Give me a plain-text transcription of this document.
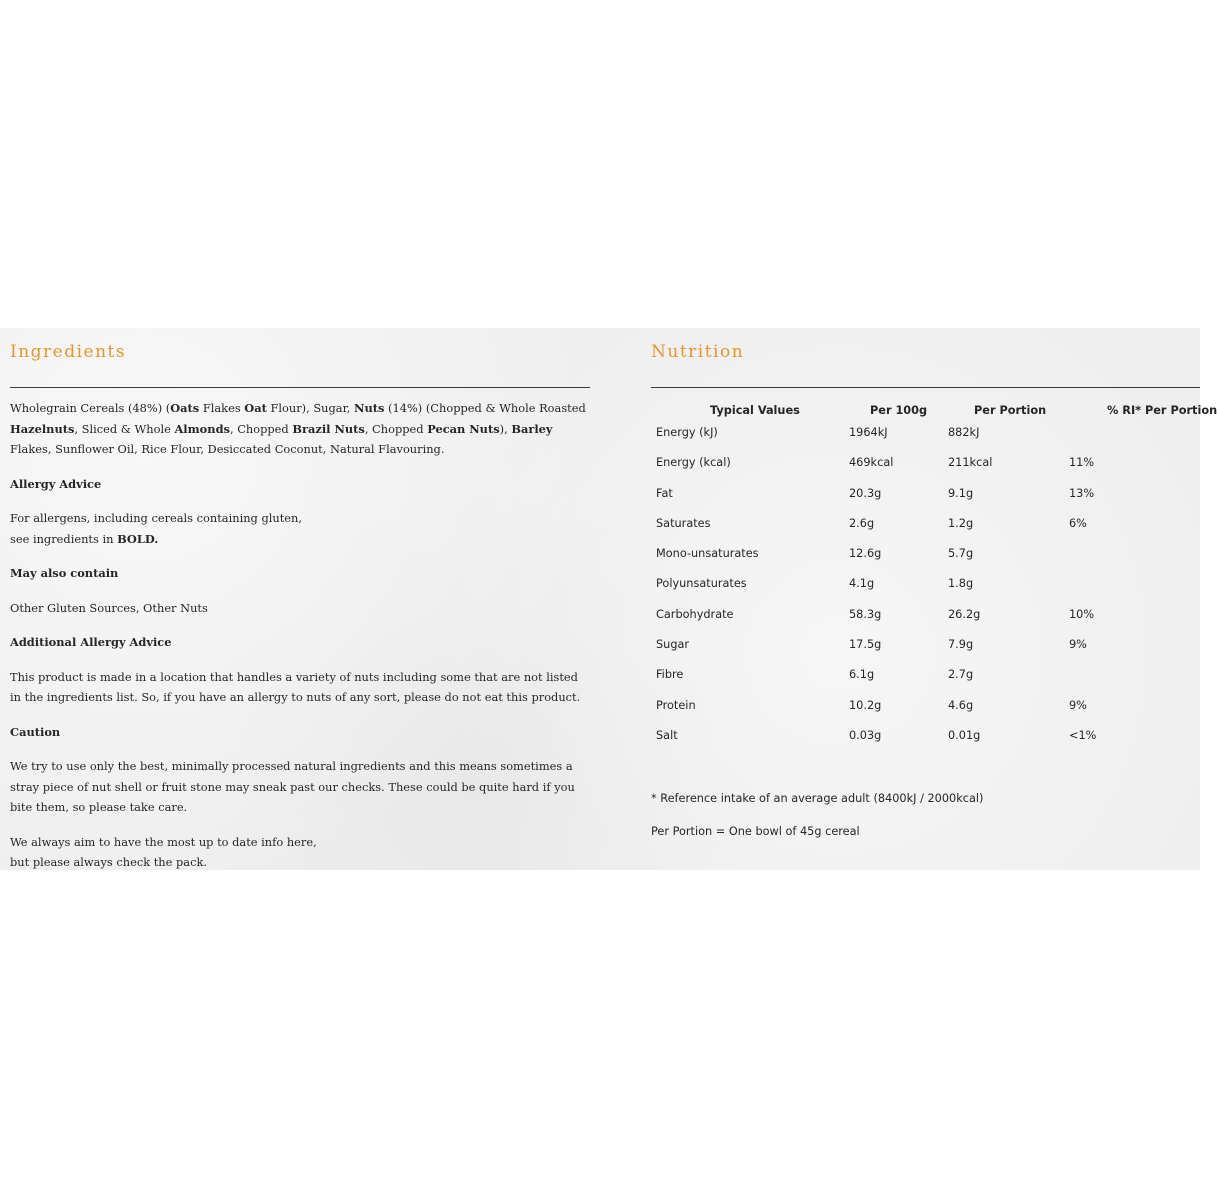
Ingredients

Wholegrain Cereals (48%) (Oats Flakes Oat Flour), Sugar, Nuts (14%) (Chopped & Whole Roasted Hazelnuts, Sliced & Whole Almonds, Chopped Brazil Nuts, Chopped Pecan Nuts), Barley Flakes, Sunflower Oil, Rice Flour, Desiccated Coconut, Natural Flavouring.

Allergy Advice

For allergens, including cereals containing gluten,
see ingredients in BOLD.

May also contain

Other Gluten Sources, Other Nuts

Additional Allergy Advice

This product is made in a location that handles a variety of nuts including some that are not listed in the ingredients list. So, if you have an allergy to nuts of any sort, please do not eat this product.

Caution

We try to use only the best, minimally processed natural ingredients and this means sometimes a stray piece of nut shell or fruit stone may sneak past our checks. These could be quite hard if you bite them, so please take care.

We always aim to have the most up to date info here,
but please always check the pack.

Nutrition
Typical Values	Per 100g	Per Portion	% RI* Per Portion
Energy (kJ)	1964kJ	882kJ
Energy (kcal)	469kcal	211kcal	11%
Fat	20.3g	9.1g	13%
Saturates	2.6g	1.2g	6%
Mono-unsaturates	12.6g	5.7g
Polyunsaturates	4.1g	1.8g
Carbohydrate	58.3g	26.2g	10%
Sugar	17.5g	7.9g	9%
Fibre	6.1g	2.7g
Protein	10.2g	4.6g	9%
Salt	0.03g	0.01g	<1%
* Reference intake of an average adult (8400kJ / 2000kcal)
Per Portion = One bowl of 45g cereal
